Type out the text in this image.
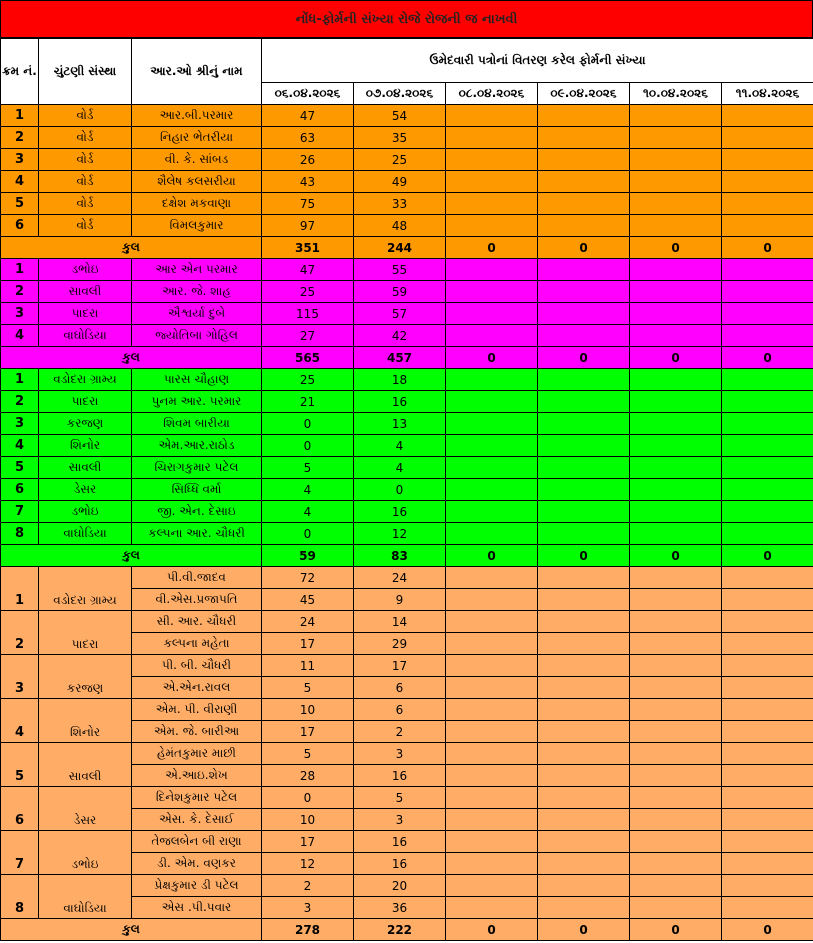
નોંધ-ફોર્મની સંખ્યા રોજે રોજની જ નાખવી
ક્રમ નં.	ચુંટણી સંસ્થા	આર.ઓ શ્રીનું નામ	ઉમેદવારી પત્રોનાં વિતરણ કરેલ ફોર્મની સંખ્યા					
			૦૬.૦૪.૨૦૨૬	૦૭.૦૪.૨૦૨૬	૦૮.૦૪.૨૦૨૬	૦૯.૦૪.૨૦૨૬	૧૦.૦૪.૨૦૨૬	૧૧.૦૪.૨૦૨૬
1	વોર્ડ	આર.બી.પરમાર	47	54				
2	વોર્ડ	નિહાર ભેતરીયા	63	35				
3	વોર્ડ	વી. કે. સાંબડ	26	25				
4	વોર્ડ	શૈલેષ કલસરીયા	43	49				
5	વોર્ડ	દક્ષેશ મકવાણા	75	33				
6	વોર્ડ	વિમલકુમાર	97	48				
કુલ			351	244	0	0	0	0
1	ડભોઇ	આર એન પરમાર	47	55				
2	સાવલી	આર. જે. શાહ	25	59				
3	પાદરા	ઐશ્વર્યા દુબે	115	57				
4	વાઘોડિયા	જ્યોતિબા ગોહિલ	27	42				
કુલ			565	457	0	0	0	0
1	વડોદરા ગ્રામ્ય	પારસ ચૌહાણ	25	18				
2	પાદરા	પુનમ આર. પરમાર	21	16				
3	કરજણ	શિવમ બારીયા	0	13				
4	શિનોર	એમ.આર.રાઠોડ	0	4				
5	સાવલી	ચિરાગકુમાર પટેલ	5	4				
6	ડેસર	સિધ્ધિ વર્મા	4	0				
7	ડભોઇ	જી. એન. દેસાઇ	4	16				
8	વાઘોડિયા	કલ્પના આર. ચૌધરી	0	12				
કુલ			59	83	0	0	0	0
1	વડોદરા ગ્રામ્ય	પી.વી.જાદવ	72	24				
		વી.એસ.પ્રજાપતિ	45	9				
2	પાદરા	સી. આર. ચૌધરી	24	14				
		કલ્પના મહેતા	17	29				
3	કરજણ	પી. બી. ચૌધરી	11	17				
		એ.એન.રાવલ	5	6				
4	શિનોર	એમ. પી. વીરાણી	10	6				
		એમ. જે. બારીઆ	17	2				
5	સાવલી	હેમંતકુમાર માછી	5	3				
		એ.આઇ.શેખ	28	16				
6	ડેસર	દિનેશકુમાર પટેલ	0	5				
		એસ. કે. દેસાઈ	10	3				
7	ડભોઇ	તેજલબેન બી રાણા	17	16				
		ડી. એમ. વણકર	12	16				
8	વાઘોડિયા	પ્રેક્ષકુમાર ડી પટેલ	2	20				
		એસ .પી.પવાર	3	36				
કુલ			278	222	0	0	0	0
